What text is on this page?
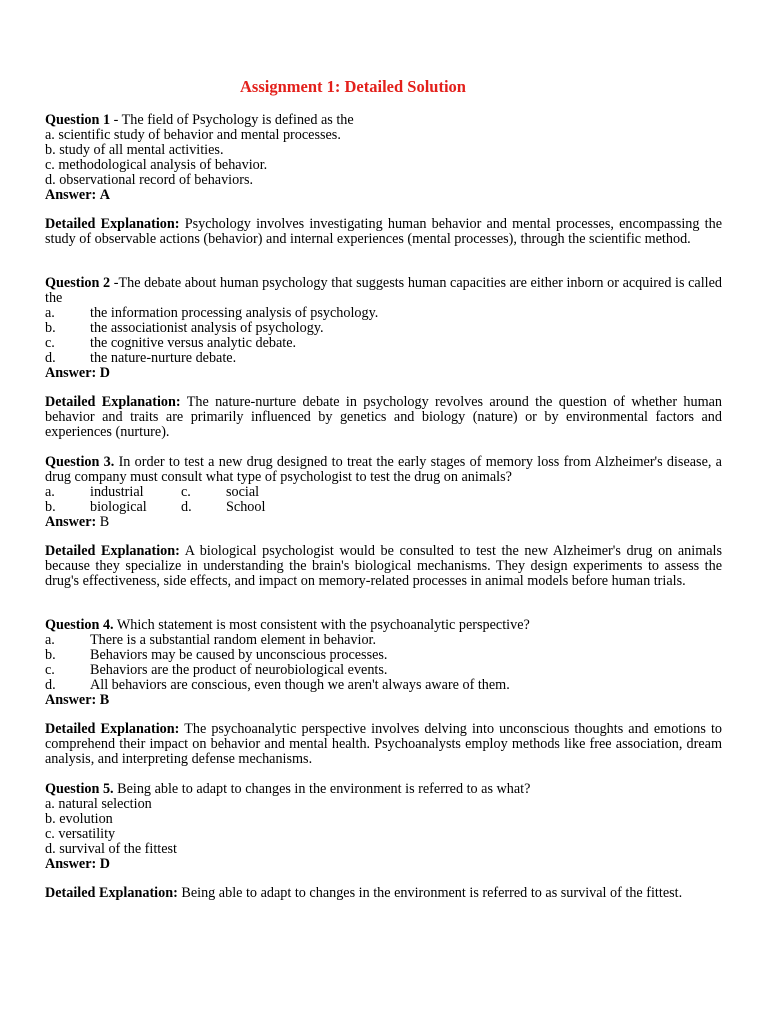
Assignment 1: Detailed Solution
Question 1 - The field of Psychology is defined as the
a. scientific study of behavior and mental processes.
b. study of all mental activities.
c. methodological analysis of behavior.
d. observational record of behaviors.
Answer: A
Detailed Explanation: Psychology involves investigating human behavior and mental processes, encompassing the study of observable actions (behavior) and internal experiences (mental processes), through the scientific method.
Question 2 -The debate about human psychology that suggests human capacities are either inborn or acquired is called the
a. the information processing analysis of psychology.
b. the associationist analysis of psychology.
c. the cognitive versus analytic debate.
d. the nature-nurture debate.
Answer: D
Detailed Explanation: The nature-nurture debate in psychology revolves around the question of whether human behavior and traits are primarily influenced by genetics and biology (nature) or by environmental factors and experiences (nurture).
Question 3. In order to test a new drug designed to treat the early stages of memory loss from Alzheimer's disease, a drug company must consult what type of psychologist to test the drug on animals?
a. industrial	c. social
b. biological d. School
Answer: B
Detailed Explanation: A biological psychologist would be consulted to test the new Alzheimer's drug on animals because they specialize in understanding the brain's biological mechanisms. They design experiments to assess the drug's effectiveness, side effects, and impact on memory-related processes in animal models before human trials.
Question 4. Which statement is most consistent with the psychoanalytic perspective?
a. There is a substantial random element in behavior.
b. Behaviors may be caused by unconscious processes.
c. Behaviors are the product of neurobiological events.
d. All behaviors are conscious, even though we aren't always aware of them.
Answer: B
Detailed Explanation: The psychoanalytic perspective involves delving into unconscious thoughts and emotions to comprehend their impact on behavior and mental health. Psychoanalysts employ methods like free association, dream analysis, and interpreting defense mechanisms.
Question 5. Being able to adapt to changes in the environment is referred to as what?
a. natural selection
b. evolution
c. versatility
d. survival of the fittest
Answer: D
Detailed Explanation: Being able to adapt to changes in the environment is referred to as survival of the fittest.
